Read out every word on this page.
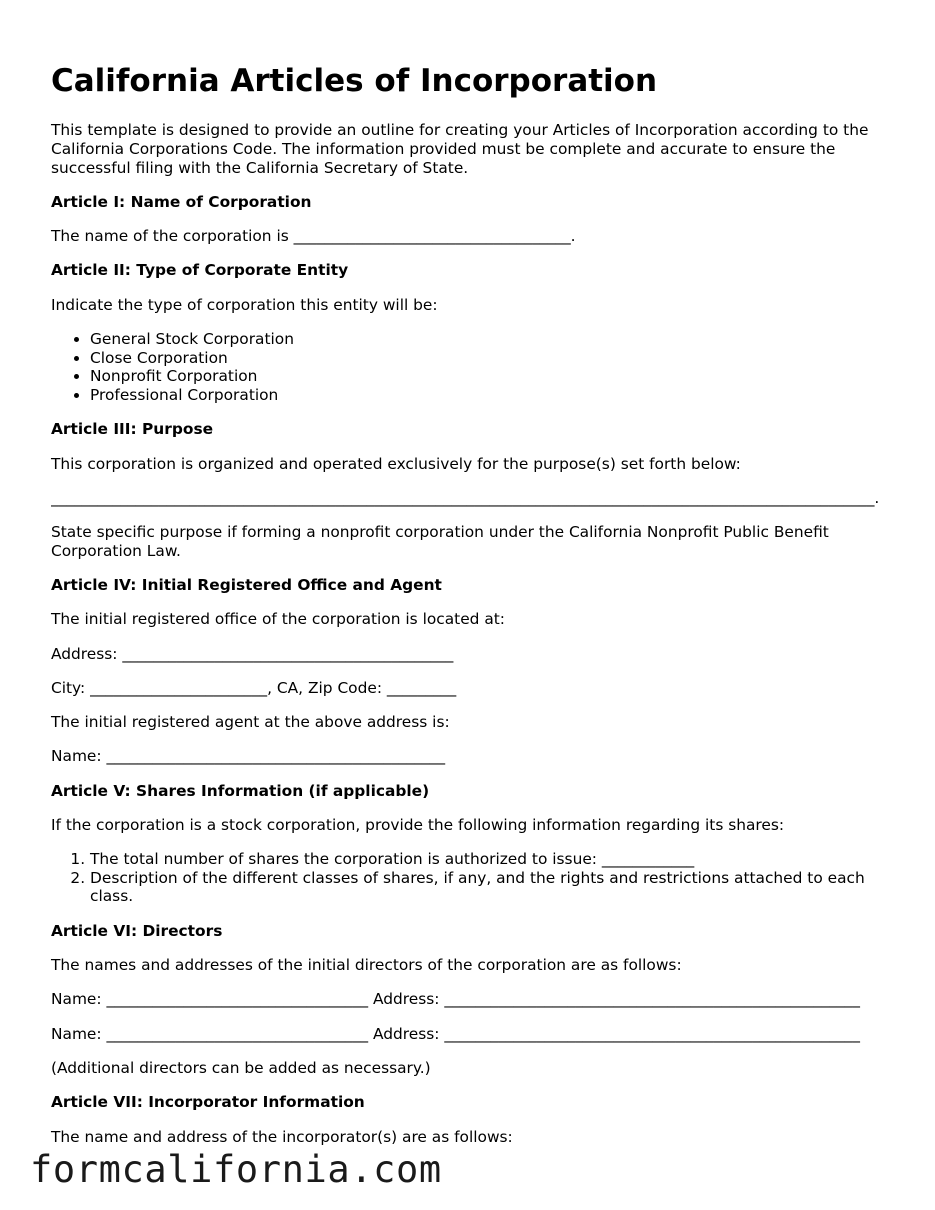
California Articles of Incorporation

This template is designed to provide an outline for creating your Articles of Incorporation according to the California Corporations Code. The information provided must be complete and accurate to ensure the successful filing with the California Secretary of State.

Article I: Name of Corporation

The name of the corporation is ____________________________________.

Article II: Type of Corporate Entity

Indicate the type of corporation this entity will be:

• General Stock Corporation
• Close Corporation
• Nonprofit Corporation
• Professional Corporation

Article III: Purpose

This corporation is organized and operated exclusively for the purpose(s) set forth below:

___________________________________________________________________________________________________________.

State specific purpose if forming a nonprofit corporation under the California Nonprofit Public Benefit Corporation Law.

Article IV: Initial Registered Office and Agent

The initial registered office of the corporation is located at:

Address: ___________________________________________

City: _______________________, CA, Zip Code: _________

The initial registered agent at the above address is:

Name: ____________________________________________

Article V: Shares Information (if applicable)

If the corporation is a stock corporation, provide the following information regarding its shares:

1. The total number of shares the corporation is authorized to issue: ____________
2. Description of the different classes of shares, if any, and the rights and restrictions attached to each class.

Article VI: Directors

The names and addresses of the initial directors of the corporation are as follows:

Name: __________________________________ Address: ______________________________________________________

Name: __________________________________ Address: ______________________________________________________

(Additional directors can be added as necessary.)

Article VII: Incorporator Information

The name and address of the incorporator(s) are as follows:

formcalifornia.com
